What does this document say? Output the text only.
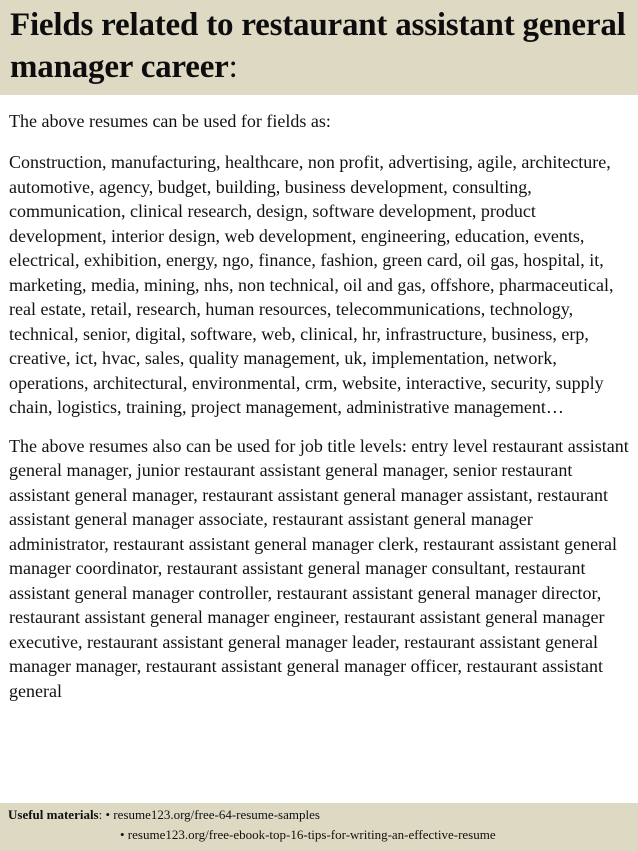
Fields related to restaurant assistant general manager career:

The above resumes can be used for fields as:

Construction, manufacturing, healthcare, non profit, advertising, agile, architecture, automotive, agency, budget, building, business development, consulting, communication, clinical research, design, software development, product development, interior design, web development, engineering, education, events, electrical, exhibition, energy, ngo, finance, fashion, green card, oil gas, hospital, it, marketing, media, mining, nhs, non technical, oil and gas, offshore, pharmaceutical, real estate, retail, research, human resources, telecommunications, technology, technical, senior, digital, software, web, clinical, hr, infrastructure, business, erp, creative, ict, hvac, sales, quality management, uk, implementation, network, operations, architectural, environmental, crm, website, interactive, security, supply chain, logistics, training, project management, administrative management…

The above resumes also can be used for job title levels: entry level restaurant assistant general manager, junior restaurant assistant general manager, senior restaurant assistant general manager, restaurant assistant general manager assistant, restaurant assistant general manager associate, restaurant assistant general manager administrator, restaurant assistant general manager clerk, restaurant assistant general manager coordinator, restaurant assistant general manager consultant, restaurant assistant general manager controller, restaurant assistant general manager director, restaurant assistant general manager engineer, restaurant assistant general manager executive, restaurant assistant general manager leader, restaurant assistant general manager manager, restaurant assistant general manager officer, restaurant assistant general

Useful materials: • resume123.org/free-64-resume-samples
• resume123.org/free-ebook-top-16-tips-for-writing-an-effective-resume
